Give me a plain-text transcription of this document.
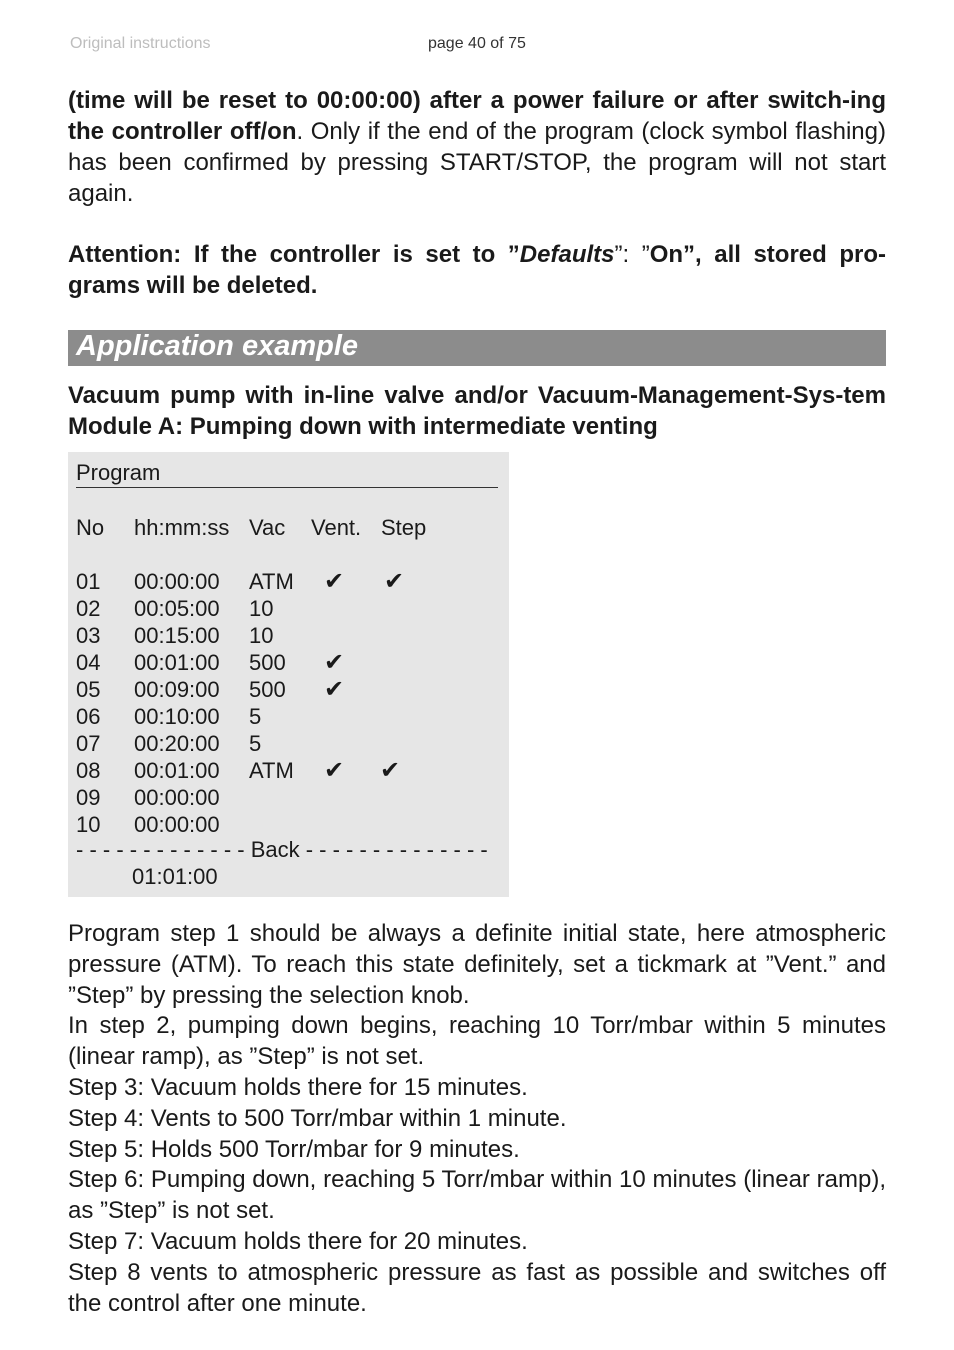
Original instructions	page 40 of 75
(time will be reset to 00:00:00) after a power failure or after switch-ing the controller off/on. Only if the end of the program (clock symbol flashing) has been confirmed by pressing START/STOP, the program will not start again.
Attention: If the controller is set to ”Defaults”: ”On”, all stored pro-grams will be deleted.
Application example
Vacuum pump with in-line valve and/or Vacuum-Management-Sys-tem Module A: Pumping down with intermediate venting
Program
No hh:mm:ss Vac Vent. Step
01 00:00:00 ATM ✔ ✔
02 00:05:00 10
03 00:15:00 10
04 00:01:00 500 ✔
05 00:09:00 500 ✔
06 00:10:00 5
07 00:20:00 5
08 00:01:00 ATM ✔ ✔
09 00:00:00
10 00:00:00
- - - - - - - - - - - - - Back - - - - - - - - - - - - - -
01:01:00

Program step 1 should be always a definite initial state, here atmospheric pressure (ATM). To reach this state definitely, set a tickmark at ”Vent.” and ”Step” by pressing the selection knob.

In step 2, pumping down begins, reaching 10 Torr/mbar within 5 minutes (linear ramp), as ”Step” is not set.

Step 3: Vacuum holds there for 15 minutes.

Step 4: Vents to 500 Torr/mbar within 1 minute.

Step 5: Holds 500 Torr/mbar for 9 minutes.

Step 6: Pumping down, reaching 5 Torr/mbar within 10 minutes (linear ramp), as ”Step” is not set.

Step 7: Vacuum holds there for 20 minutes.

Step 8 vents to atmospheric pressure as fast as possible and switches off the control after one minute.
